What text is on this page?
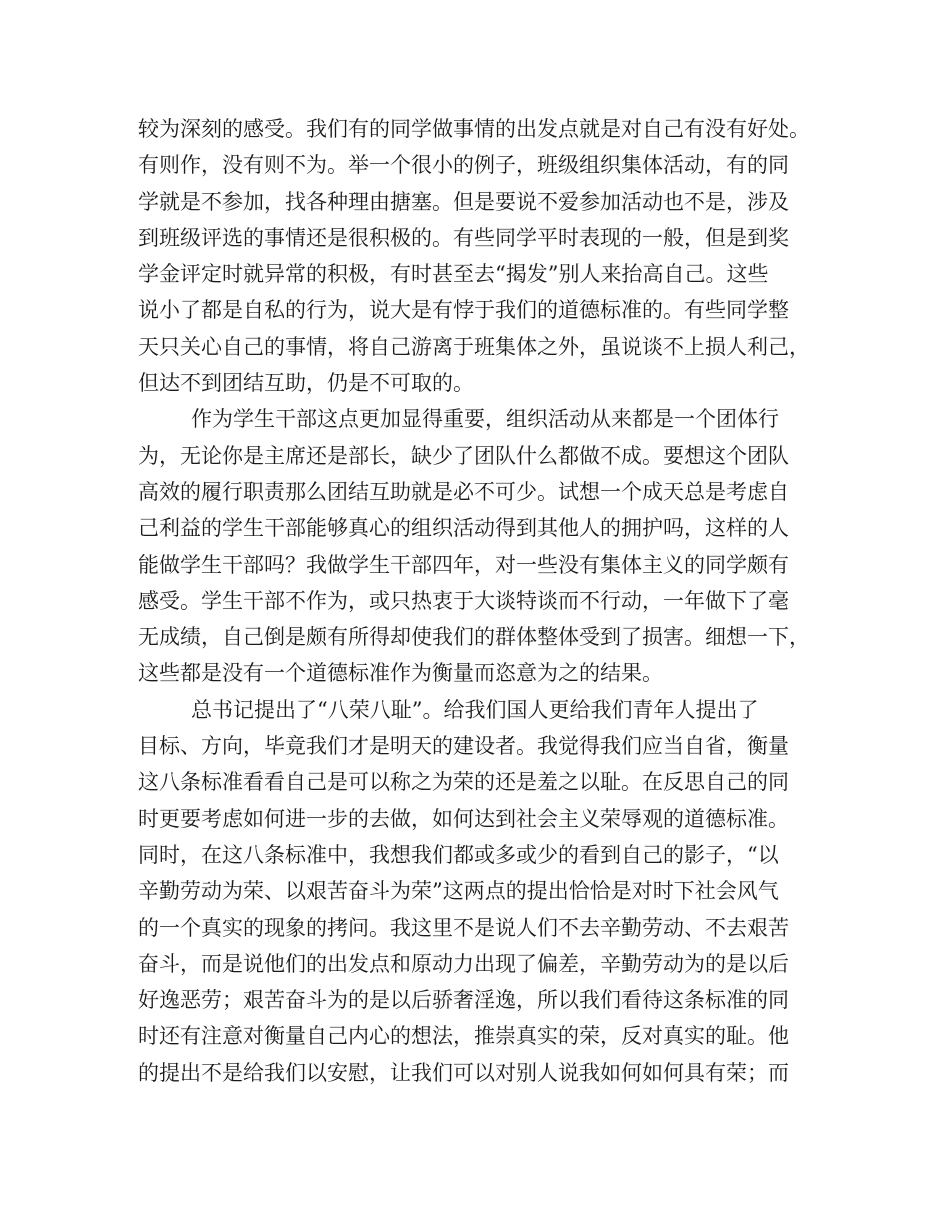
较为深刻的感受。我们有的同学做事情的出发点就是对自己有没有好处。
有则作，没有则不为。举一个很小的例子，班级组织集体活动，有的同
学就是不参加，找各种理由搪塞。但是要说不爱参加活动也不是，涉及
到班级评选的事情还是很积极的。有些同学平时表现的一般，但是到奖
学金评定时就异常的积极，有时甚至去“揭发”别人来抬高自己。这些
说小了都是自私的行为，说大是有悖于我们的道德标准的。有些同学整
天只关心自己的事情，将自己游离于班集体之外，虽说谈不上损人利己，
但达不到团结互助，仍是不可取的。
作为学生干部这点更加显得重要，组织活动从来都是一个团体行
为，无论你是主席还是部长，缺少了团队什么都做不成。要想这个团队
高效的履行职责那么团结互助就是必不可少。试想一个成天总是考虑自
己利益的学生干部能够真心的组织活动得到其他人的拥护吗，这样的人
能做学生干部吗？我做学生干部四年，对一些没有集体主义的同学颇有
感受。学生干部不作为，或只热衷于大谈特谈而不行动，一年做下了毫
无成绩，自己倒是颇有所得却使我们的群体整体受到了损害。细想一下，
这些都是没有一个道德标准作为衡量而恣意为之的结果。
总书记提出了“八荣八耻”。给我们国人更给我们青年人提出了
目标、方向，毕竟我们才是明天的建设者。我觉得我们应当自省，衡量
这八条标准看看自己是可以称之为荣的还是羞之以耻。在反思自己的同
时更要考虑如何进一步的去做，如何达到社会主义荣辱观的道德标准。
同时，在这八条标准中，我想我们都或多或少的看到自己的影子，“以
辛勤劳动为荣、以艰苦奋斗为荣”这两点的提出恰恰是对时下社会风气
的一个真实的现象的拷问。我这里不是说人们不去辛勤劳动、不去艰苦
奋斗，而是说他们的出发点和原动力出现了偏差，辛勤劳动为的是以后
好逸恶劳；艰苦奋斗为的是以后骄奢淫逸，所以我们看待这条标准的同
时还有注意对衡量自己内心的想法，推崇真实的荣，反对真实的耻。他
的提出不是给我们以安慰，让我们可以对别人说我如何如何具有荣；而
